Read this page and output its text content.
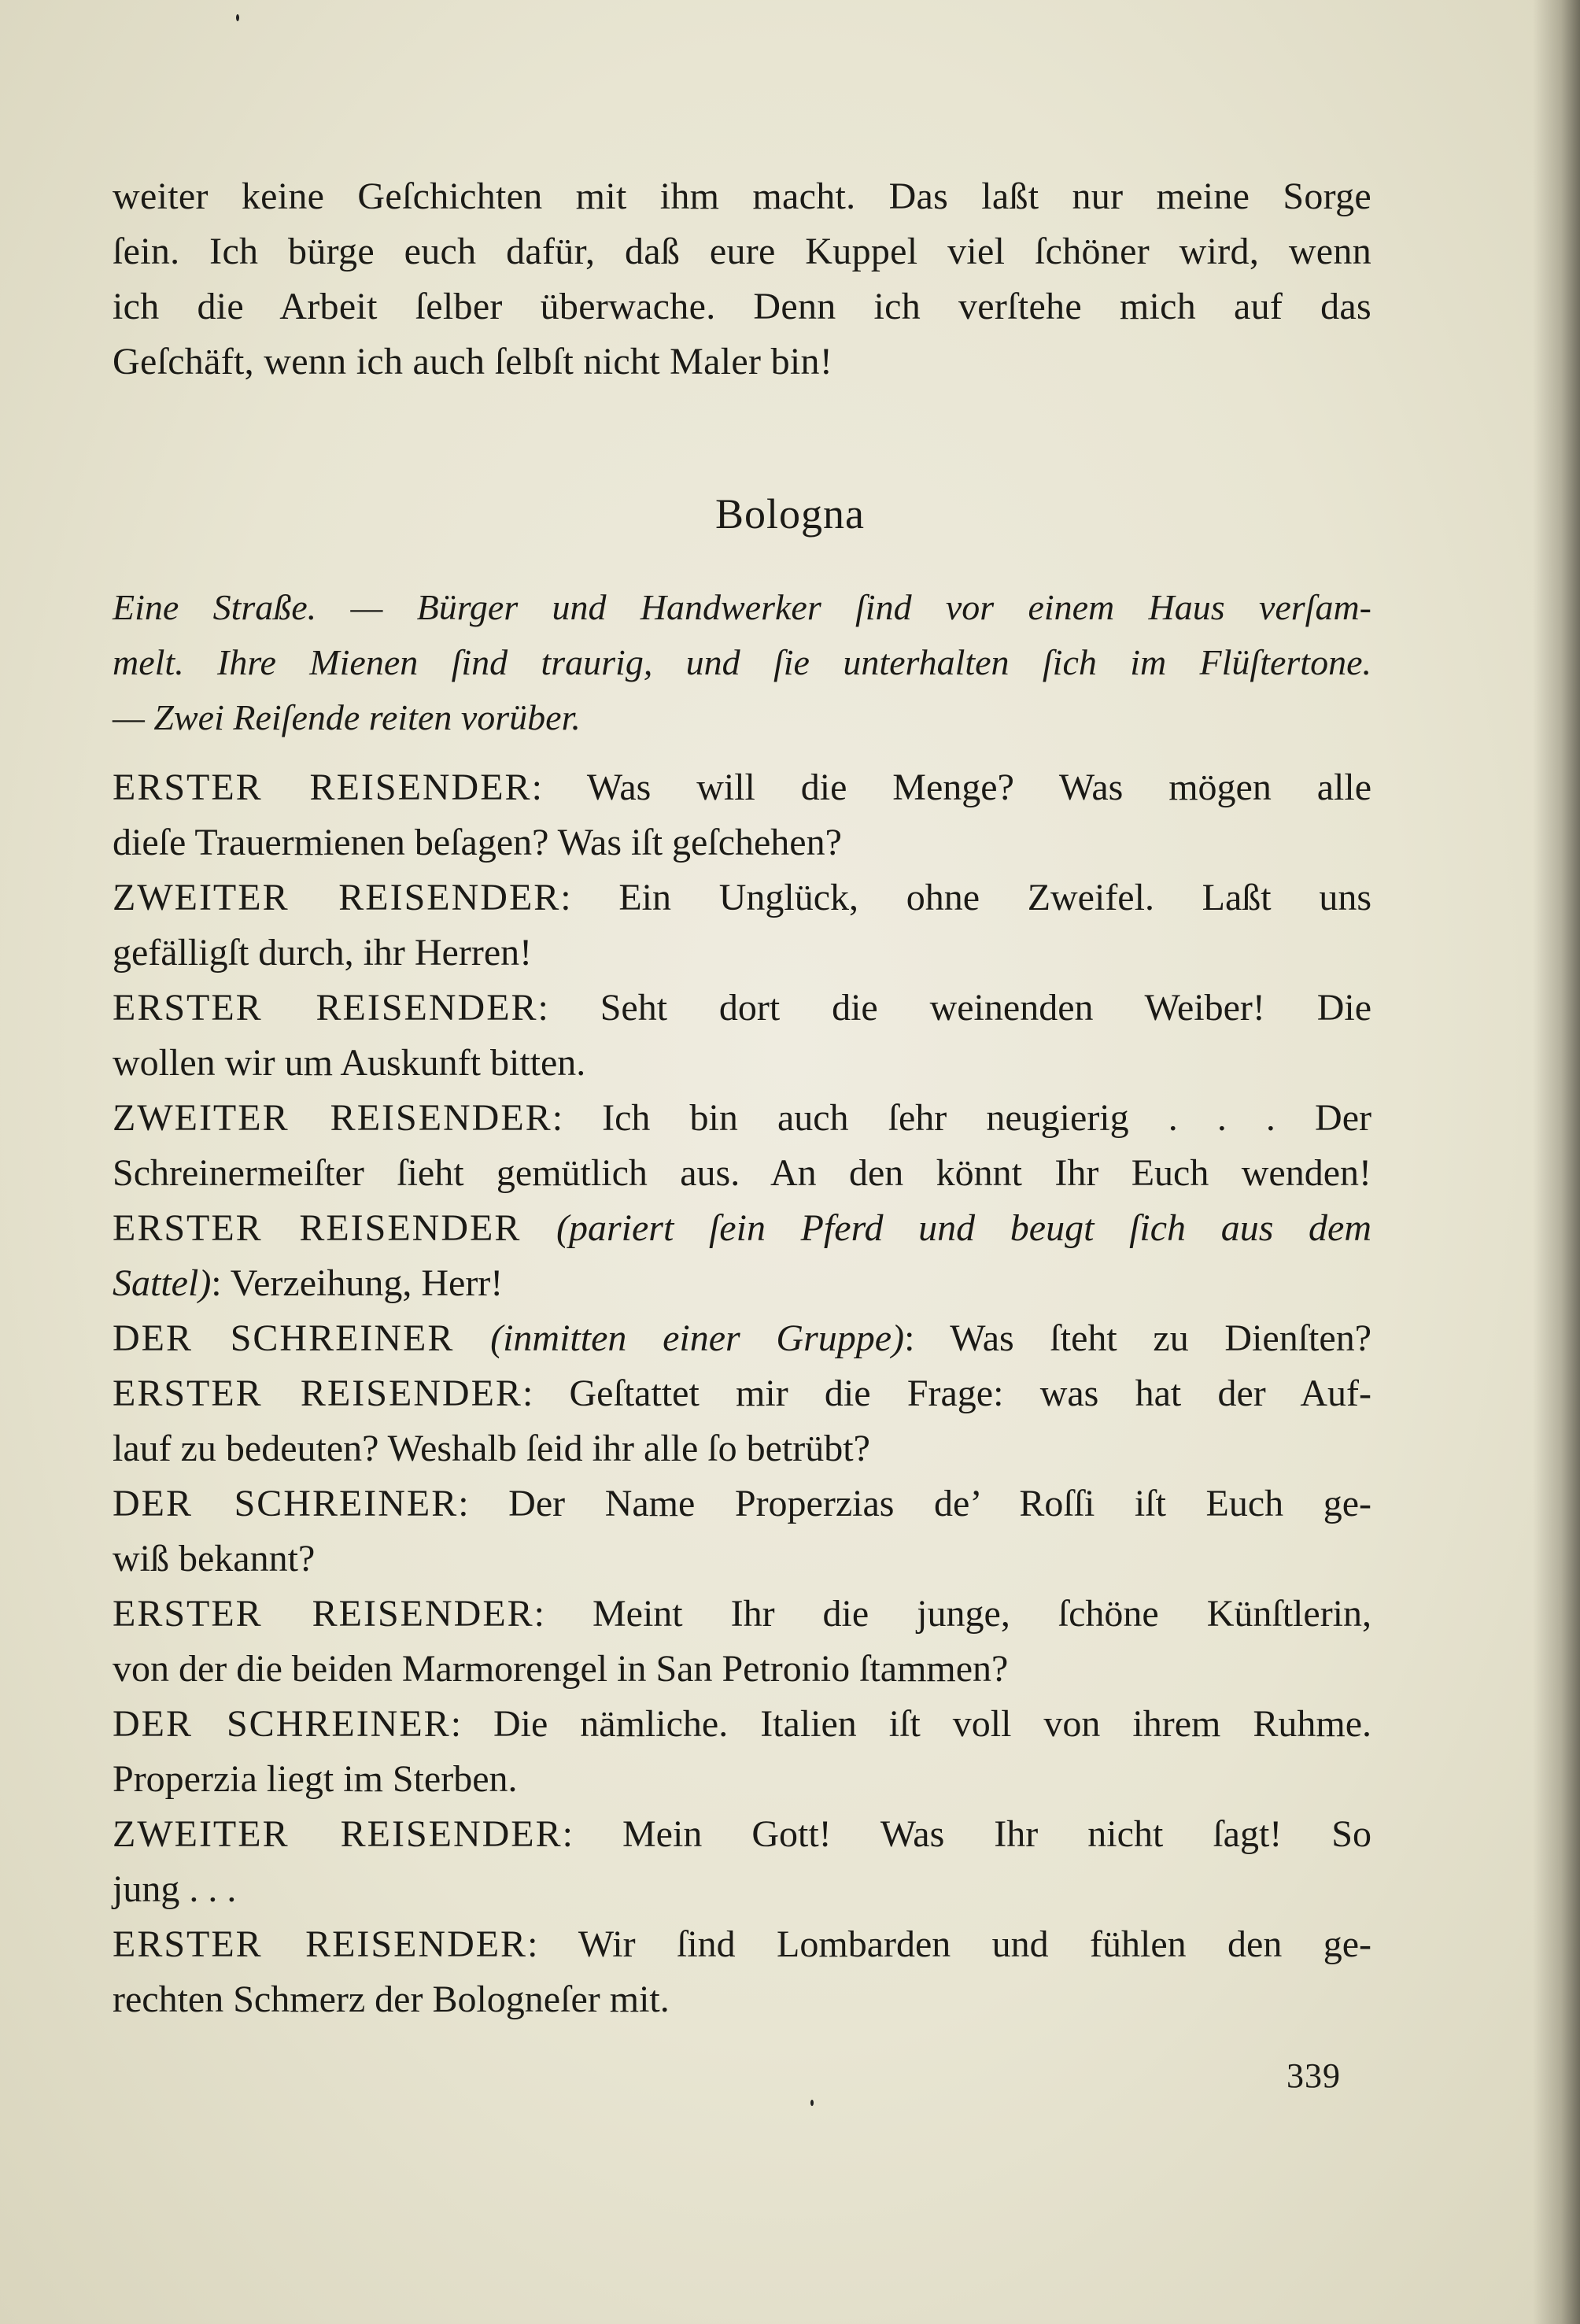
weiter keine Geſchichten mit ihm macht. Das laßt nur meine Sorge
ſein. Ich bürge euch dafür, daß eure Kuppel viel ſchöner wird, wenn
ich die Arbeit ſelber überwache. Denn ich verſtehe mich auf das
Geſchäft, wenn ich auch ſelbſt nicht Maler bin!
Bologna
Eine Straße. — Bürger und Handwerker ſind vor einem Haus verſam-
melt. Ihre Mienen ſind traurig, und ſie unterhalten ſich im Flüſtertone.
— Zwei Reiſende reiten vorüber.
ERSTER REISENDER: Was will die Menge? Was mögen alle
dieſe Trauermienen beſagen? Was iſt geſchehen?
ZWEITER REISENDER: Ein Unglück, ohne Zweifel. Laßt uns
gefälligſt durch, ihr Herren!
ERSTER REISENDER: Seht dort die weinenden Weiber! Die
wollen wir um Auskunft bitten.
ZWEITER REISENDER: Ich bin auch ſehr neugierig . . . Der
Schreinermeiſter ſieht gemütlich aus. An den könnt Ihr Euch wenden!
ERSTER REISENDER (pariert ſein Pferd und beugt ſich aus dem
Sattel): Verzeihung, Herr!
DER SCHREINER (inmitten einer Gruppe): Was ſteht zu Dienſten?
ERSTER REISENDER: Geſtattet mir die Frage: was hat der Auf-
lauf zu bedeuten? Weshalb ſeid ihr alle ſo betrübt?
DER SCHREINER: Der Name Properzias de’ Roſſi iſt Euch ge-
wiß bekannt?
ERSTER REISENDER: Meint Ihr die junge, ſchöne Künſtlerin,
von der die beiden Marmorengel in San Petronio ſtammen?
DER SCHREINER: Die nämliche. Italien iſt voll von ihrem Ruhme.
Properzia liegt im Sterben.
ZWEITER REISENDER: Mein Gott! Was Ihr nicht ſagt! So
jung . . .
ERSTER REISENDER: Wir ſind Lombarden und fühlen den ge-
rechten Schmerz der Bologneſer mit.
339
